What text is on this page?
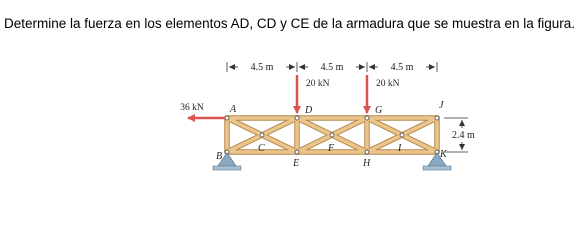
Determine la fuerza en los elementos AD, CD y CE de la armadura que se muestra en la figura.
4.5 m	4.5 m	4.5 m
20 kN	20 kN
36 kN
2.4 m
A
B
C
D
E
F
G
H
I
J
K
